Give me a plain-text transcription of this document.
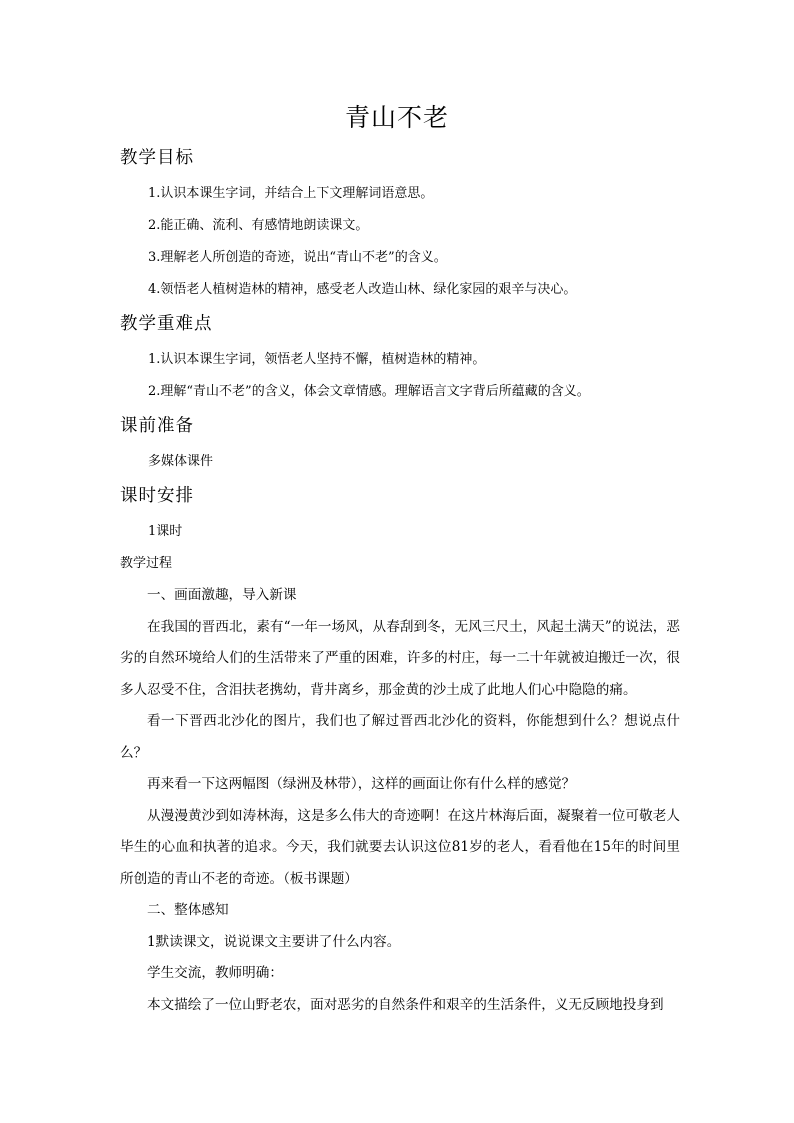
青山不老
教学目标

1.认识本课生字词，并结合上下文理解词语意思。

2.能正确、流利、有感情地朗读课文。

3.理解老人所创造的奇迹，说出“青山不老”的含义。

4.领悟老人植树造林的精神，感受老人改造山林、绿化家园的艰辛与决心。

教学重难点

1.认识本课生字词，领悟老人坚持不懈，植树造林的精神。

2.理解“青山不老”的含义，体会文章情感。理解语言文字背后所蕴藏的含义。

课前准备

多媒体课件

课时安排

1课时

教学过程

一、画面激趣，导入新课

在我国的晋西北，素有“一年一场风，从春刮到冬，无风三尺土，风起土满天”的说法，恶劣的自然环境给人们的生活带来了严重的困难，许多的村庄，每一二十年就被迫搬迁一次，很多人忍受不住，含泪扶老携幼，背井离乡，那金黄的沙土成了此地人们心中隐隐的痛。

看一下晋西北沙化的图片，我们也了解过晋西北沙化的资料，你能想到什么？想说点什么？

再来看一下这两幅图（绿洲及林带），这样的画面让你有什么样的感觉？

从漫漫黄沙到如涛林海，这是多么伟大的奇迹啊！在这片林海后面，凝聚着一位可敬老人毕生的心血和执著的追求。今天，我们就要去认识这位81岁的老人，看看他在15年的时间里所创造的青山不老的奇迹。（板书课题）

二、整体感知

1默读课文，说说课文主要讲了什么内容。

学生交流，教师明确：

本文描绘了一位山野老农，面对恶劣的自然条件和艰辛的生活条件，义无反顾地投身到
